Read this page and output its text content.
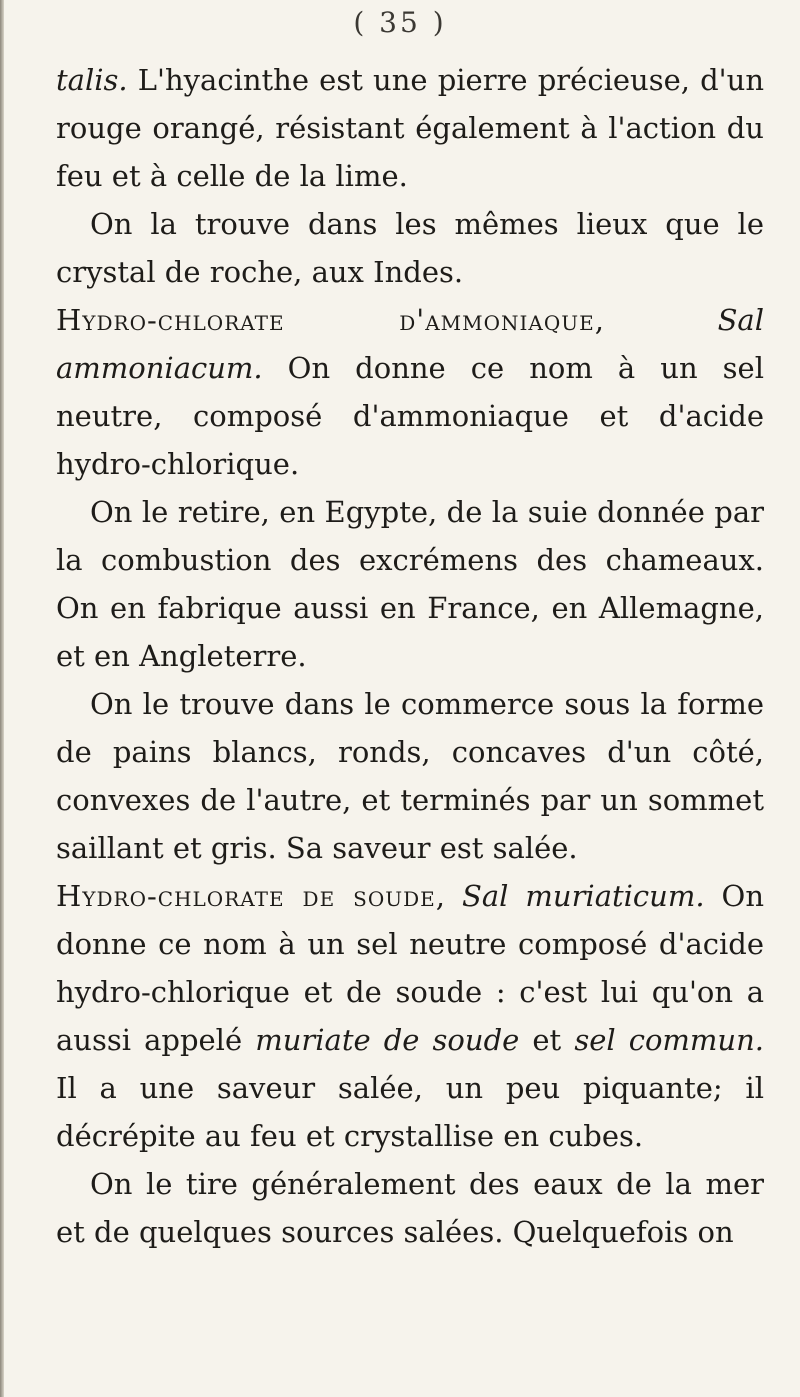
( 35 )

talis. L'hyacinthe est une pierre précieuse, d'un rouge orangé, résistant également à l'action du feu et à celle de la lime.

On la trouve dans les mêmes lieux que le crystal de roche, aux Indes.

Hydro-chlorate d'ammoniaque, Sal ammoniacum. On donne ce nom à un sel neutre, composé d'ammoniaque et d'acide hydro-chlorique.

On le retire, en Egypte, de la suie donnée par la combustion des excrémens des chameaux. On en fabrique aussi en France, en Allemagne, et en Angleterre.

On le trouve dans le commerce sous la forme de pains blancs, ronds, concaves d'un côté, convexes de l'autre, et terminés par un sommet saillant et gris. Sa saveur est salée.

Hydro-chlorate de soude, Sal muriaticum. On donne ce nom à un sel neutre composé d'acide hydro-chlorique et de soude : c'est lui qu'on a aussi appelé muriate de soude et sel commun. Il a une saveur salée, un peu piquante; il décrépite au feu et crystallise en cubes.

On le tire généralement des eaux de la mer et de quelques sources salées. Quelquefois on
